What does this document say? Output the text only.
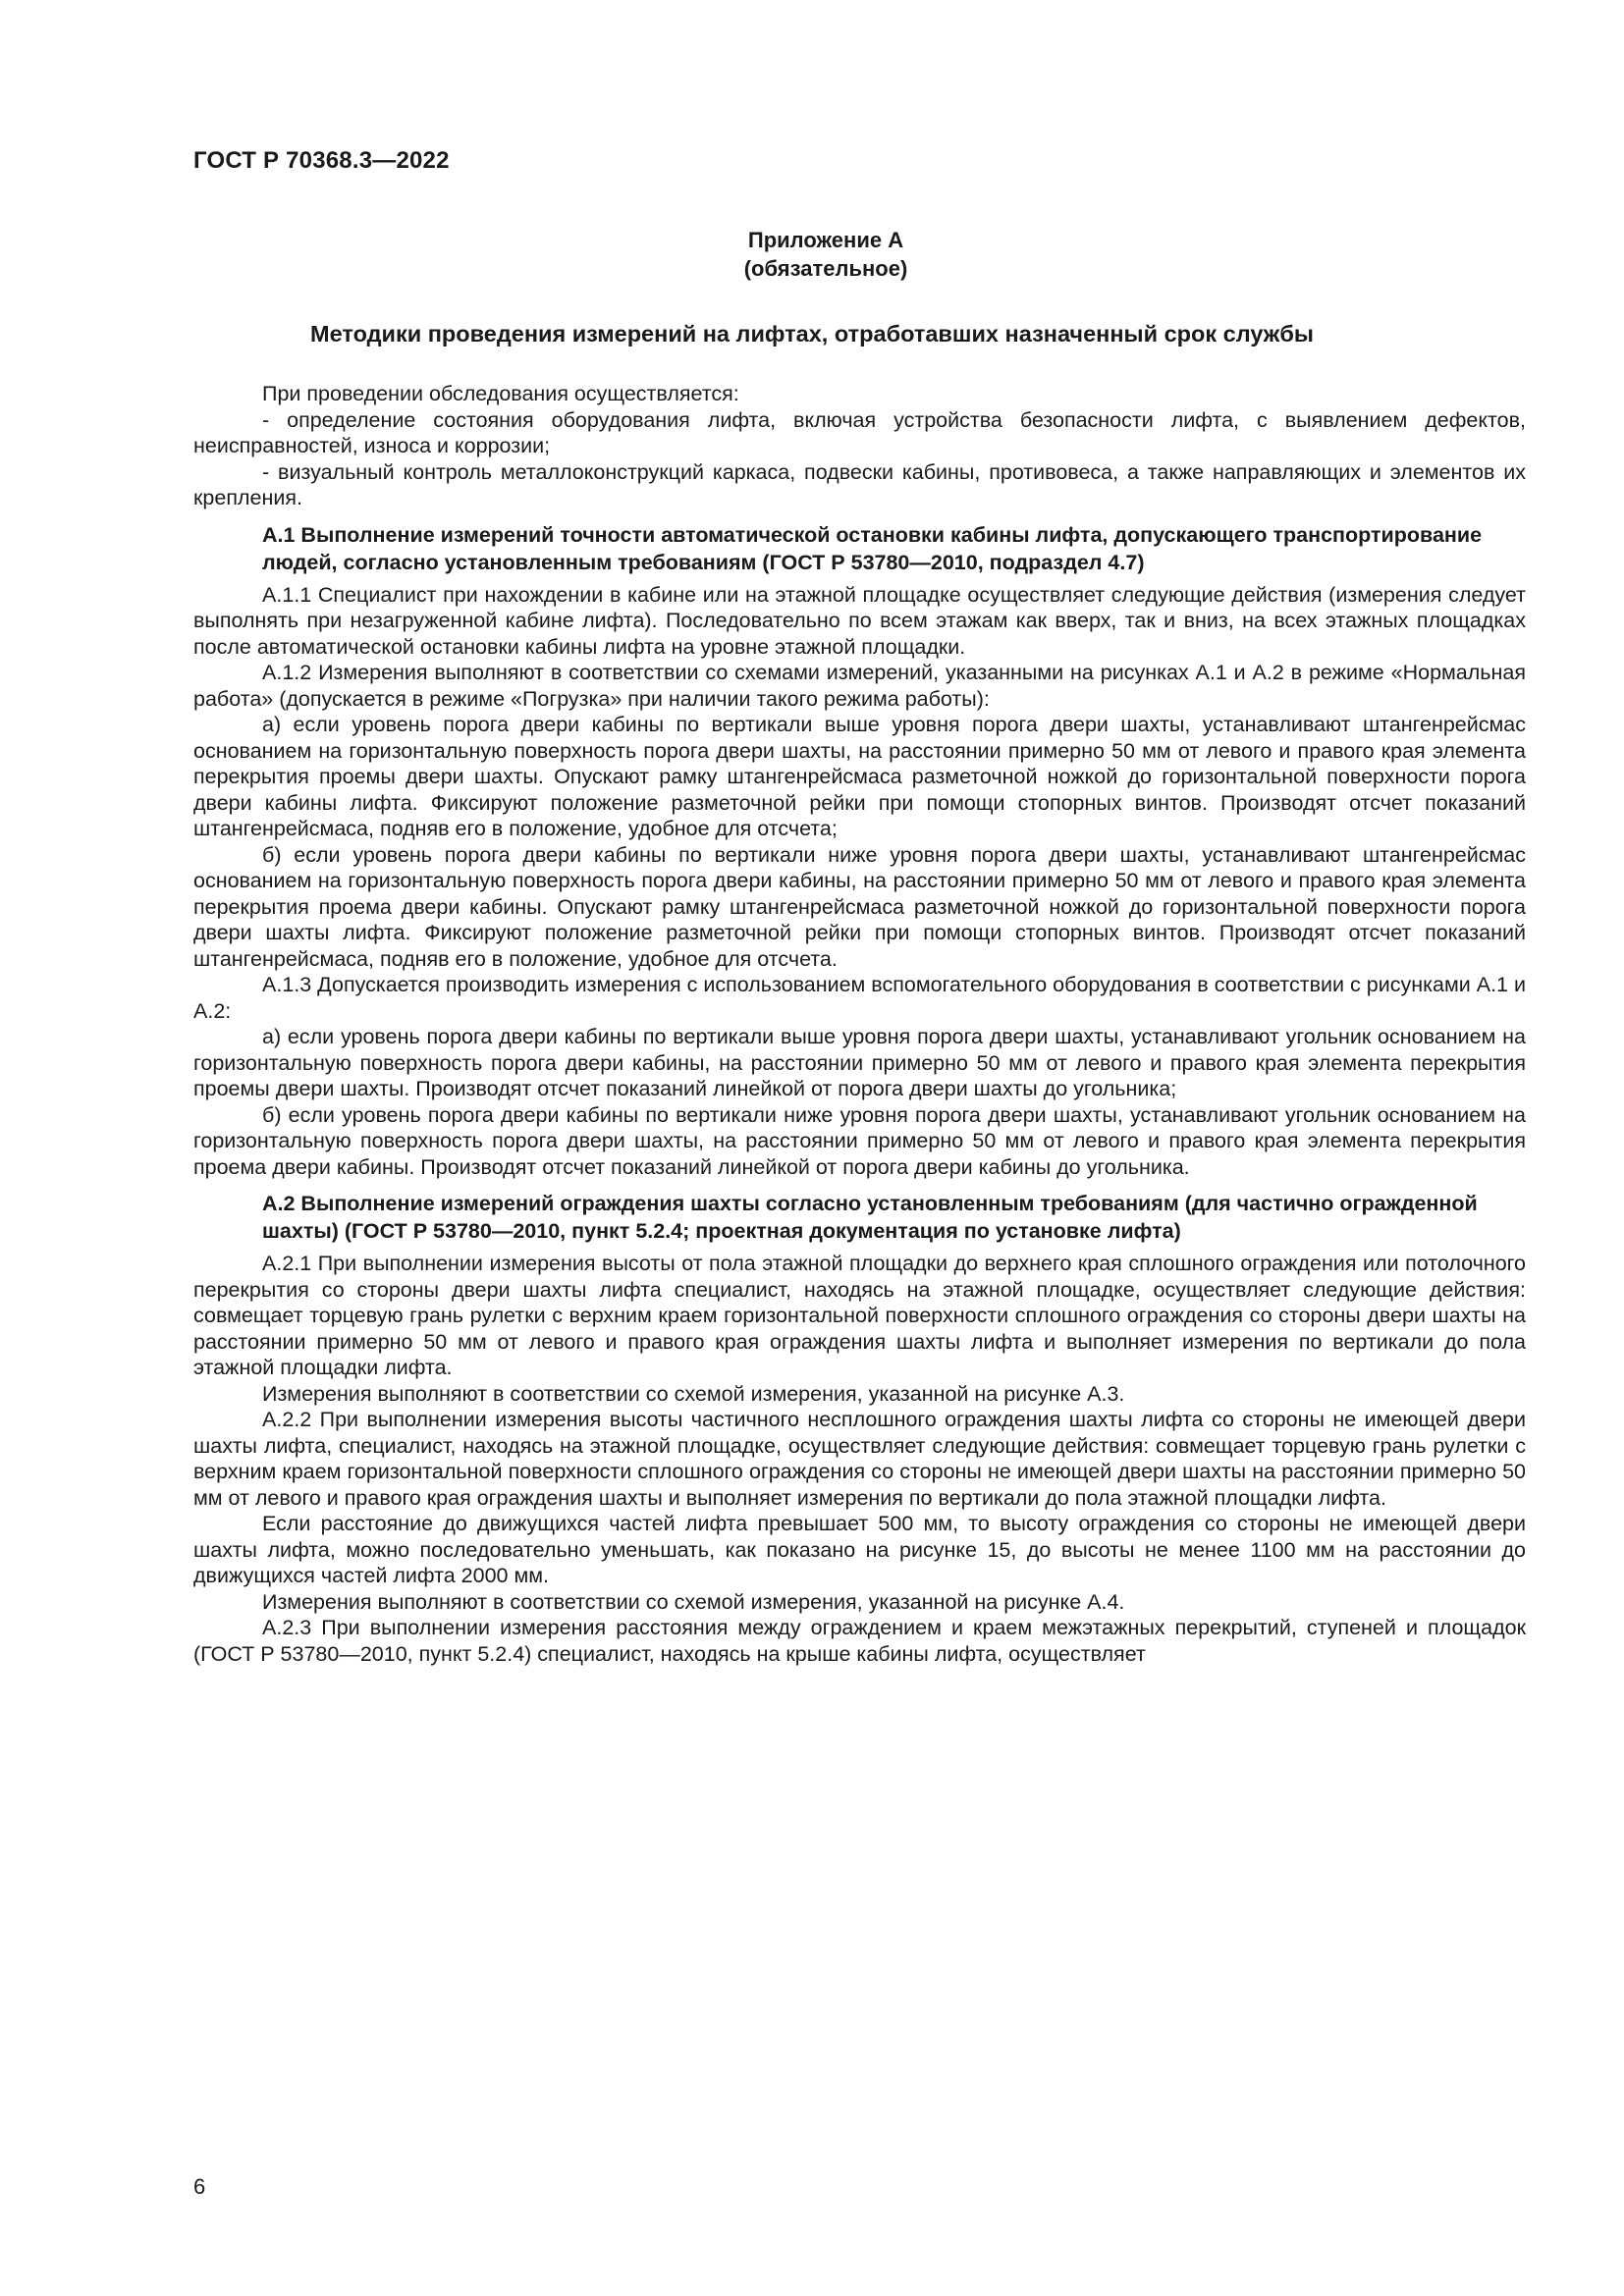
ГОСТ Р 70368.3—2022
Приложение А
(обязательное)
Методики проведения измерений на лифтах, отработавших назначенный срок службы

При проведении обследования осуществляется:

- определение состояния оборудования лифта, включая устройства безопасности лифта, с выявлением дефектов, неисправностей, износа и коррозии;

- визуальный контроль металлоконструкций каркаса, подвески кабины, противовеса, а также направляющих и элементов их крепления.

А.1 Выполнение измерений точности автоматической остановки кабины лифта, допускающего транспортирование людей, согласно установленным требованиям (ГОСТ Р 53780—2010, подраздел 4.7)

А.1.1 Специалист при нахождении в кабине или на этажной площадке осуществляет следующие действия (измерения следует выполнять при незагруженной кабине лифта). Последовательно по всем этажам как вверх, так и вниз, на всех этажных площадках после автоматической остановки кабины лифта на уровне этажной площадки.

А.1.2 Измерения выполняют в соответствии со схемами измерений, указанными на рисунках А.1 и А.2 в режиме «Нормальная работа» (допускается в режиме «Погрузка» при наличии такого режима работы):

а) если уровень порога двери кабины по вертикали выше уровня порога двери шахты, устанавливают штангенрейсмас основанием на горизонтальную поверхность порога двери шахты, на расстоянии примерно 50 мм от левого и правого края элемента перекрытия проемы двери шахты. Опускают рамку штангенрейсмаса разметочной ножкой до горизонтальной поверхности порога двери кабины лифта. Фиксируют положение разметочной рейки при помощи стопорных винтов. Производят отсчет показаний штангенрейсмаса, подняв его в положение, удобное для отсчета;

б) если уровень порога двери кабины по вертикали ниже уровня порога двери шахты, устанавливают штангенрейсмас основанием на горизонтальную поверхность порога двери кабины, на расстоянии примерно 50 мм от левого и правого края элемента перекрытия проема двери кабины. Опускают рамку штангенрейсмаса разметочной ножкой до горизонтальной поверхности порога двери шахты лифта. Фиксируют положение разметочной рейки при помощи стопорных винтов. Производят отсчет показаний штангенрейсмаса, подняв его в положение, удобное для отсчета.

А.1.3 Допускается производить измерения с использованием вспомогательного оборудования в соответствии с рисунками А.1 и А.2:

а) если уровень порога двери кабины по вертикали выше уровня порога двери шахты, устанавливают угольник основанием на горизонтальную поверхность порога двери кабины, на расстоянии примерно 50 мм от левого и правого края элемента перекрытия проемы двери шахты. Производят отсчет показаний линейкой от порога двери шахты до угольника;

б) если уровень порога двери кабины по вертикали ниже уровня порога двери шахты, устанавливают угольник основанием на горизонтальную поверхность порога двери шахты, на расстоянии примерно 50 мм от левого и правого края элемента перекрытия проема двери кабины. Производят отсчет показаний линейкой от порога двери кабины до угольника.

А.2 Выполнение измерений ограждения шахты согласно установленным требованиям (для частично огражденной шахты) (ГОСТ Р 53780—2010, пункт 5.2.4; проектная документация по установке лифта)

А.2.1 При выполнении измерения высоты от пола этажной площадки до верхнего края сплошного ограждения или потолочного перекрытия со стороны двери шахты лифта специалист, находясь на этажной площадке, осуществляет следующие действия: совмещает торцевую грань рулетки с верхним краем горизонтальной поверхности сплошного ограждения со стороны двери шахты на расстоянии примерно 50 мм от левого и правого края ограждения шахты лифта и выполняет измерения по вертикали до пола этажной площадки лифта.

Измерения выполняют в соответствии со схемой измерения, указанной на рисунке А.3.

А.2.2 При выполнении измерения высоты частичного несплошного ограждения шахты лифта со стороны не имеющей двери шахты лифта, специалист, находясь на этажной площадке, осуществляет следующие действия: совмещает торцевую грань рулетки с верхним краем горизонтальной поверхности сплошного ограждения со стороны не имеющей двери шахты на расстоянии примерно 50 мм от левого и правого края ограждения шахты и выполняет измерения по вертикали до пола этажной площадки лифта.

Если расстояние до движущихся частей лифта превышает 500 мм, то высоту ограждения со стороны не имеющей двери шахты лифта, можно последовательно уменьшать, как показано на рисунке 15, до высоты не менее 1100 мм на расстоянии до движущихся частей лифта 2000 мм.

Измерения выполняют в соответствии со схемой измерения, указанной на рисунке А.4.

А.2.3 При выполнении измерения расстояния между ограждением и краем межэтажных перекрытий, ступеней и площадок (ГОСТ Р 53780—2010, пункт 5.2.4) специалист, находясь на крыше кабины лифта, осуществляет

6
